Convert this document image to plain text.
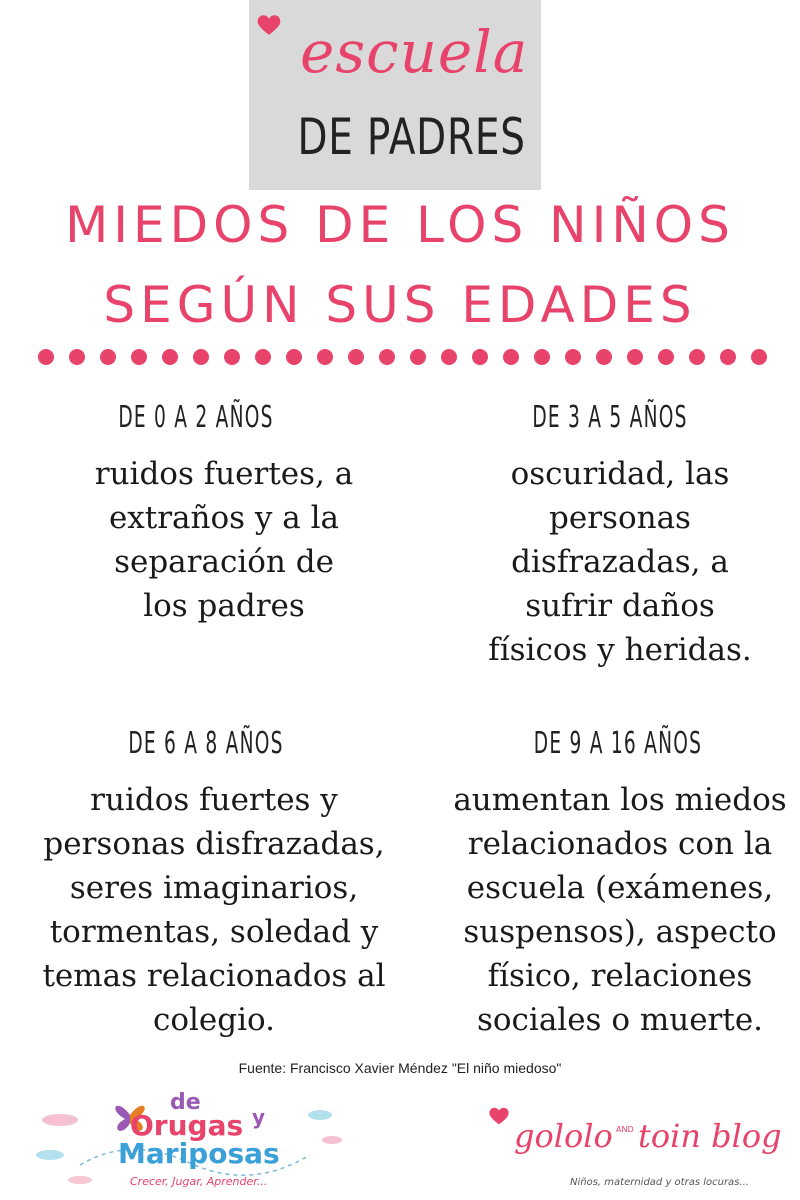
escuela
DE PADRES
MIEDOS DE LOS NIÑOS
SEGÚN SUS EDADES
DE 0 A 2 AÑOS
ruidos fuertes, a
extraños y a la
separación de
los padres
DE 3 A 5 AÑOS
oscuridad, las
personas
disfrazadas, a
sufrir daños
físicos y heridas.
DE 6 A 8 AÑOS
ruidos fuertes y
personas disfrazadas,
seres imaginarios,
tormentas, soledad y
temas relacionados al
colegio.
DE 9 A 16 AÑOS
aumentan los miedos
relacionados con la
escuela (exámenes,
suspensos), aspecto
físico, relaciones
sociales o muerte.
Fuente: Francisco Xavier Méndez "El niño miedoso"
de
Orugas y
Mariposas
Crecer, Jugar, Aprender...
gololo AND toin blog
Niños, maternidad y otras locuras...
